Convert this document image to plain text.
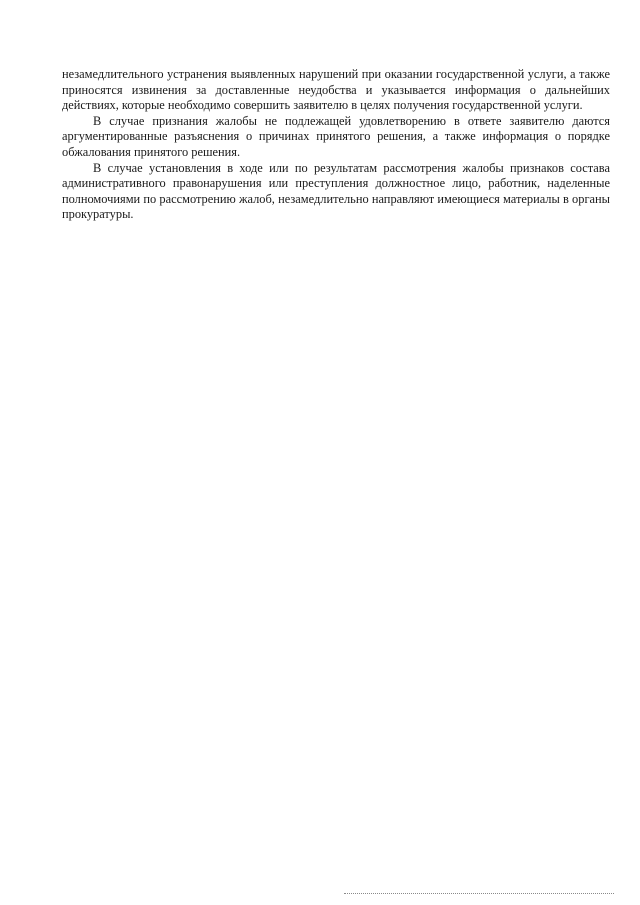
незамедлительного устранения выявленных нарушений при оказании государственной услуги, а также приносятся извинения за доставленные неудобства и указывается информация о дальнейших действиях, которые необходимо совершить заявителю в целях получения государственной услуги.

В случае признания жалобы не подлежащей удовлетворению в ответе заявителю даются аргументированные разъяснения о причинах принятого решения, а также информация о порядке обжалования принятого решения.

В случае установления в ходе или по результатам рассмотрения жалобы признаков состава административного правонарушения или преступления должностное лицо, работник, наделенные полномочиями по рассмотрению жалоб, незамедлительно направляют имеющиеся материалы в органы прокуратуры.
